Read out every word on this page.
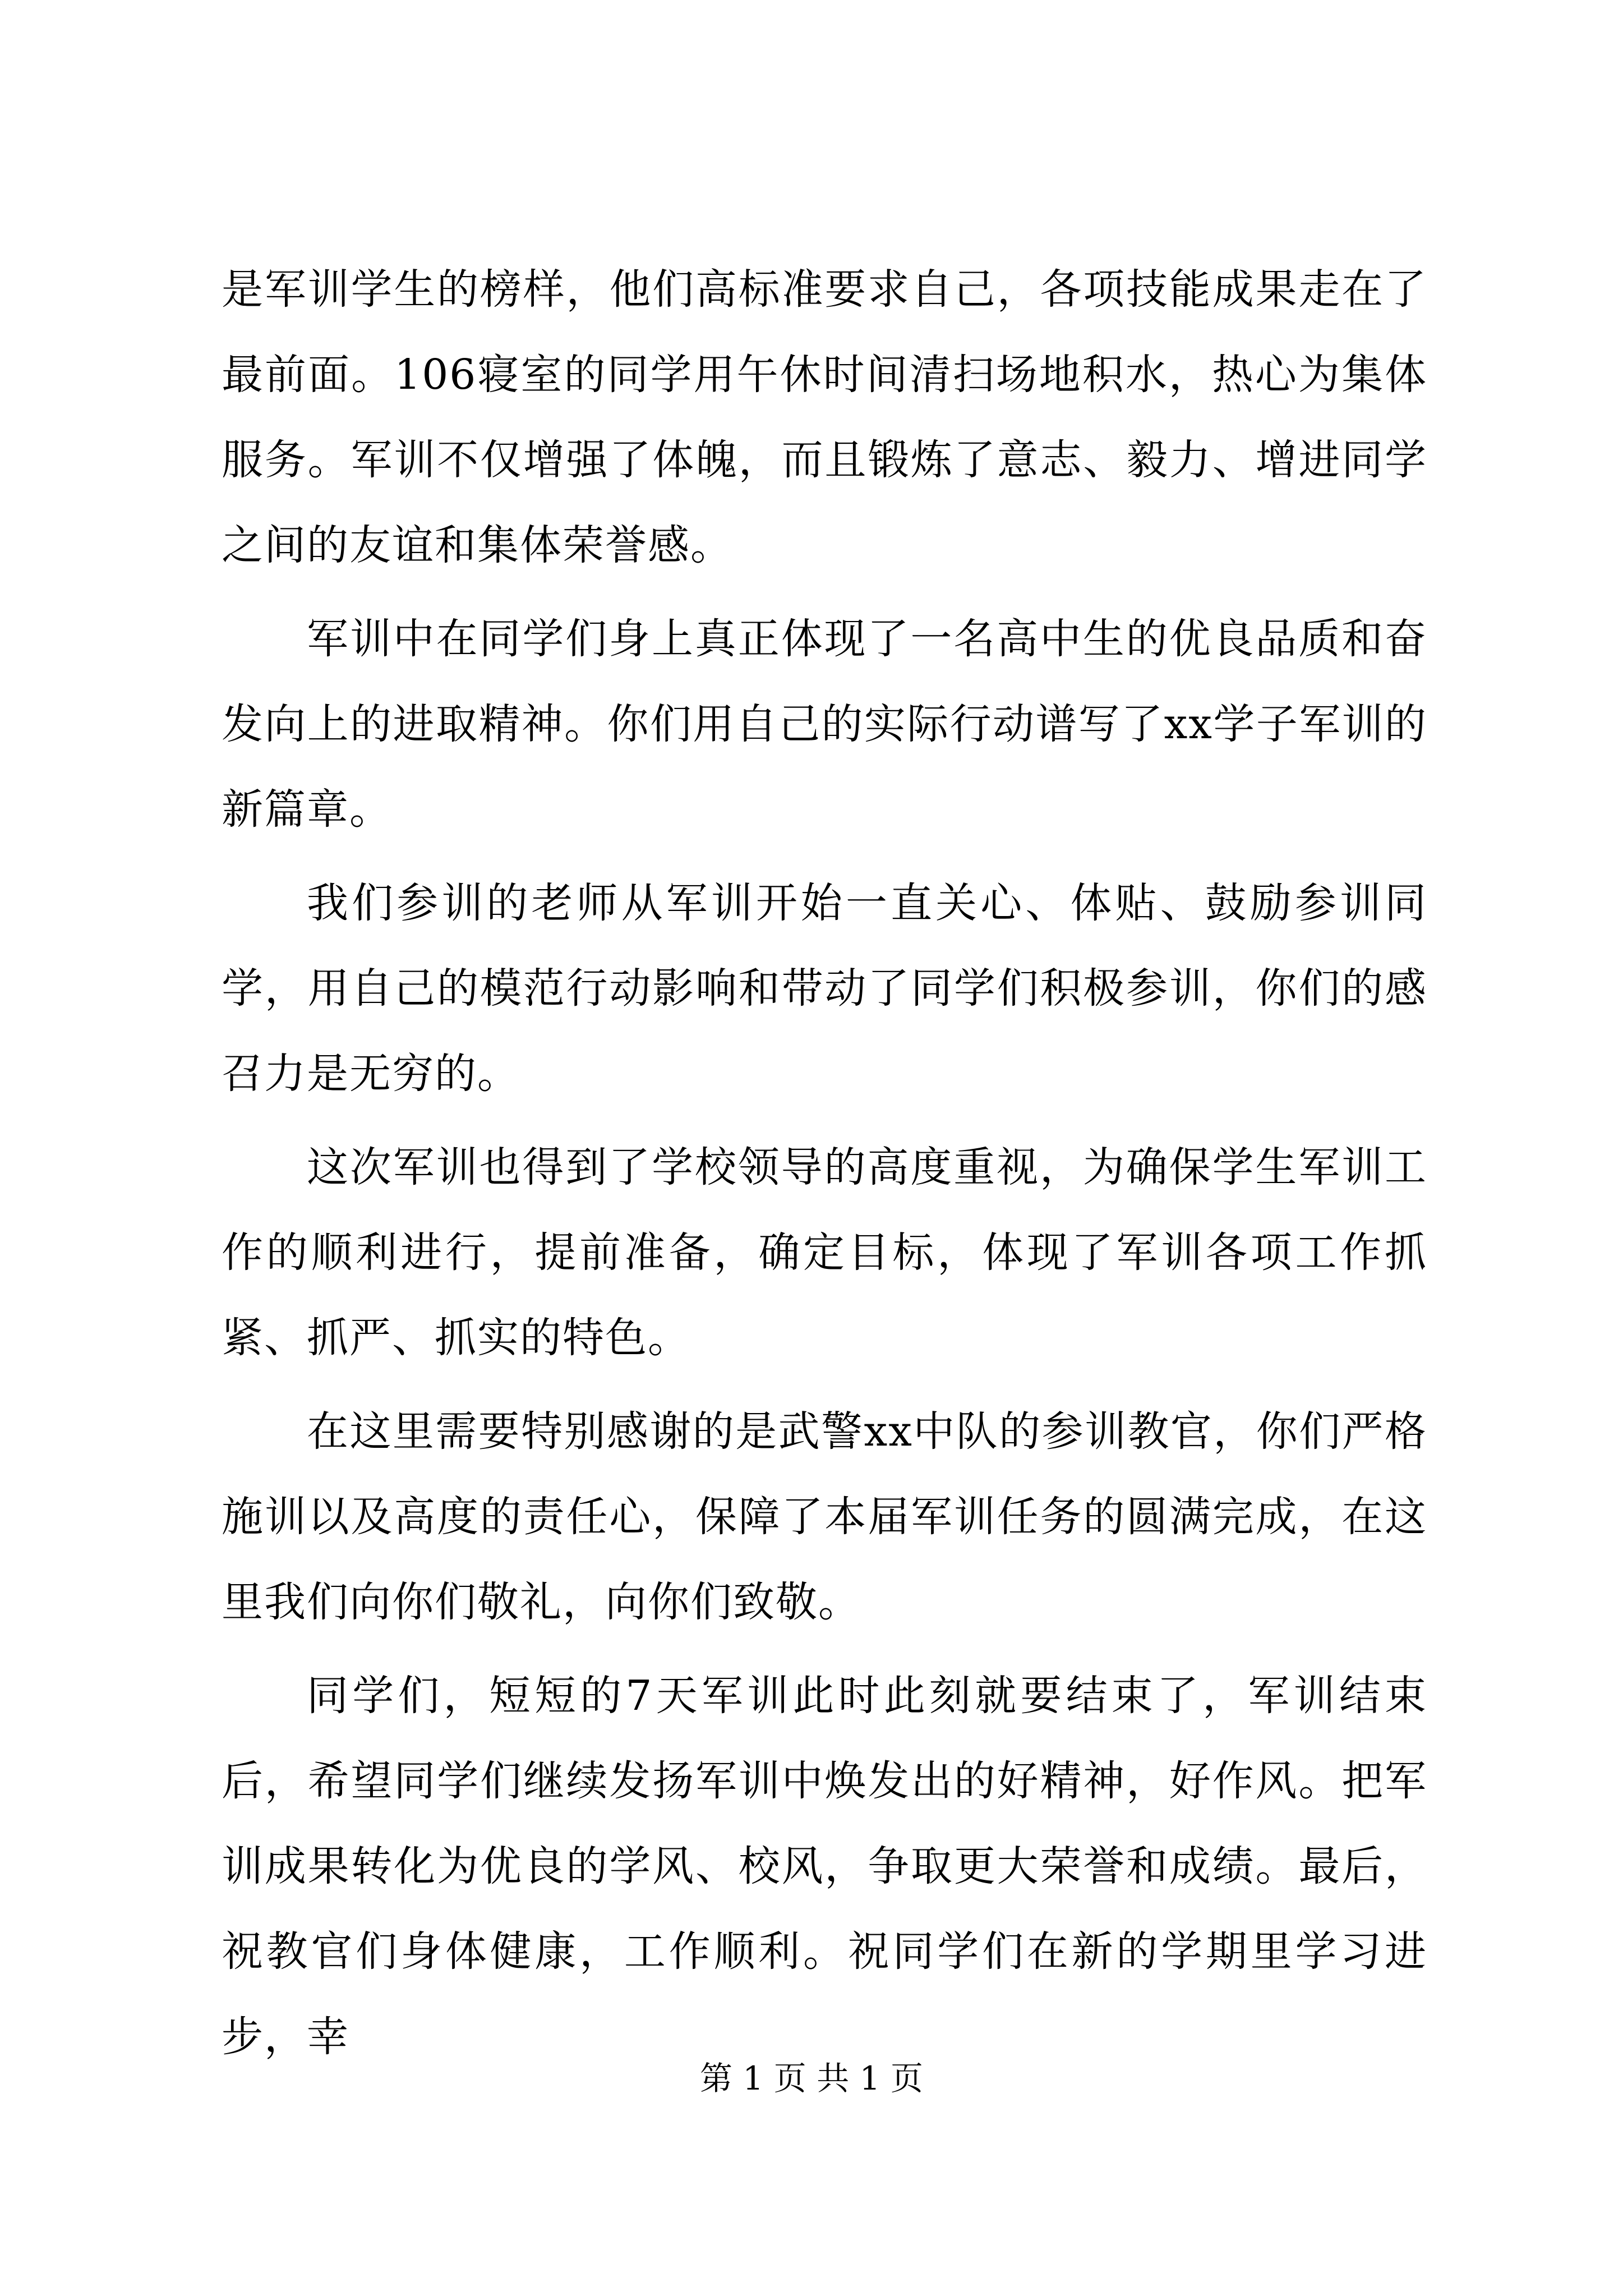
是军训学生的榜样，他们高标准要求自己，各项技能成果走在了最前面。106寝室的同学用午休时间清扫场地积水，热心为集体服务。军训不仅增强了体魄，而且锻炼了意志、毅力、增进同学之间的友谊和集体荣誉感。

军训中在同学们身上真正体现了一名高中生的优良品质和奋发向上的进取精神。你们用自己的实际行动谱写了xx学子军训的新篇章。

我们参训的老师从军训开始一直关心、体贴、鼓励参训同学，用自己的模范行动影响和带动了同学们积极参训，你们的感召力是无穷的。

这次军训也得到了学校领导的高度重视，为确保学生军训工作的顺利进行，提前准备，确定目标，体现了军训各项工作抓紧、抓严、抓实的特色。

在这里需要特别感谢的是武警xx中队的参训教官，你们严格施训以及高度的责任心，保障了本届军训任务的圆满完成，在这里我们向你们敬礼，向你们致敬。

同学们，短短的7天军训此时此刻就要结束了，军训结束后，希望同学们继续发扬军训中焕发出的好精神，好作风。把军训成果转化为优良的学风、校风，争取更大荣誉和成绩。最后，祝教官们身体健康，工作顺利。祝同学们在新的学期里学习进步，幸

第 1 页 共 1 页
